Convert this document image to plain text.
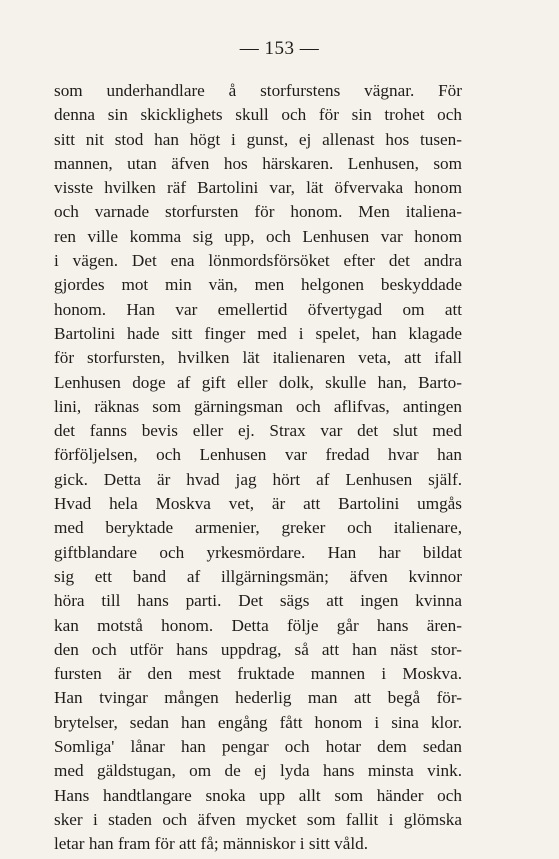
— 153 —
som underhandlare å storfurstens vägnar. För
denna sin skicklighets skull och för sin trohet och
sitt nit stod han högt i gunst, ej allenast hos tusen-
mannen, utan äfven hos härskaren. Lenhusen, som
visste hvilken räf Bartolini var, lät öfvervaka honom
och varnade storfursten för honom. Men italiena-
ren ville komma sig upp, och Lenhusen var honom
i vägen. Det ena lönmordsförsöket efter det andra
gjordes mot min vän, men helgonen beskyddade
honom. Han var emellertid öfvertygad om att
Bartolini hade sitt finger med i spelet, han klagade
för storfursten, hvilken lät italienaren veta, att ifall
Lenhusen doge af gift eller dolk, skulle han, Barto-
lini, räknas som gärningsman och aflifvas, antingen
det fanns bevis eller ej. Strax var det slut med
förföljelsen, och Lenhusen var fredad hvar han
gick. Detta är hvad jag hört af Lenhusen själf.
Hvad hela Moskva vet, är att Bartolini umgås
med beryktade armenier, greker och italienare,
giftblandare och yrkesmördare. Han har bildat
sig ett band af illgärningsmän; äfven kvinnor
höra till hans parti. Det sägs att ingen kvinna
kan motstå honom. Detta följe går hans ären-
den och utför hans uppdrag, så att han näst stor-
fursten är den mest fruktade mannen i Moskva.
Han tvingar mången hederlig man att begå för-
brytelser, sedan han engång fått honom i sina klor.
Somliga' lånar han pengar och hotar dem sedan
med gäldstugan, om de ej lyda hans minsta vink.
Hans handtlangare snoka upp allt som händer och
sker i staden och äfven mycket som fallit i glömska
letar han fram för att få; människor i sitt våld.
